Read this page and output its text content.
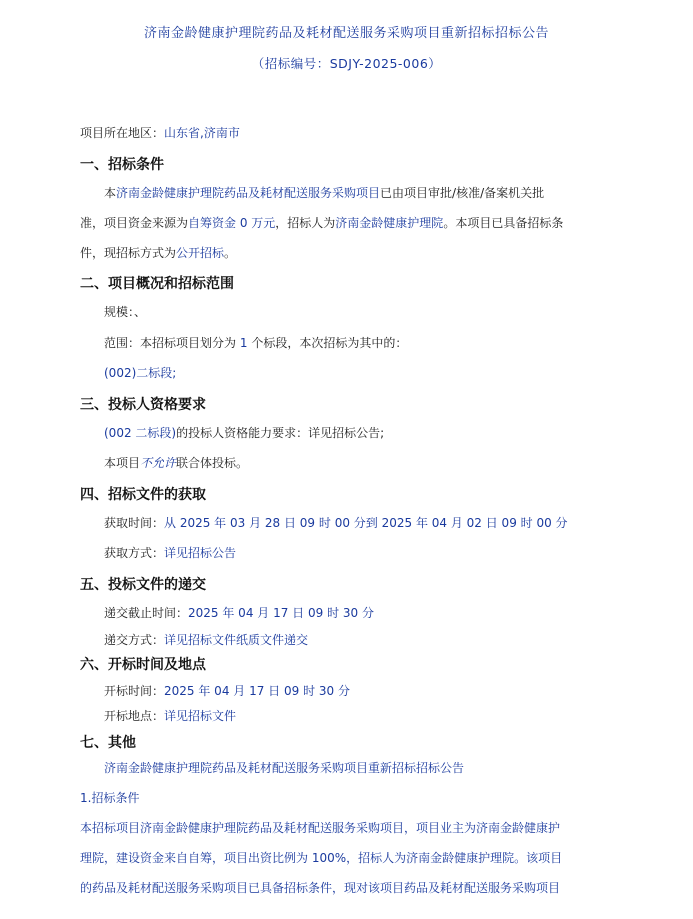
济南金龄健康护理院药品及耗材配送服务采购项目重新招标招标公告
（招标编号：SDJY-2025-006）
项目所在地区：山东省,济南市
一、招标条件
本济南金龄健康护理院药品及耗材配送服务采购项目已由项目审批/核准/备案机关批
准，项目资金来源为自筹资金 0 万元，招标人为济南金龄健康护理院。本项目已具备招标条
件，现招标方式为公开招标。
二、项目概况和招标范围
规模：、
范围：本招标项目划分为 1 个标段，本次招标为其中的：
(002)二标段;
三、投标人资格要求
(002 二标段)的投标人资格能力要求：详见招标公告;
本项目不允许联合体投标。
四、招标文件的获取
获取时间：从 2025 年 03 月 28 日 09 时 00 分到 2025 年 04 月 02 日 09 时 00 分
获取方式：详见招标公告
五、投标文件的递交
递交截止时间：2025 年 04 月 17 日 09 时 30 分
递交方式：详见招标文件纸质文件递交
六、开标时间及地点
开标时间：2025 年 04 月 17 日 09 时 30 分
开标地点：详见招标文件
七、其他
济南金龄健康护理院药品及耗材配送服务采购项目重新招标招标公告
1.招标条件
本招标项目济南金龄健康护理院药品及耗材配送服务采购项目，项目业主为济南金龄健康护
理院，建设资金来自自筹，项目出资比例为 100%，招标人为济南金龄健康护理院。该项目
的药品及耗材配送服务采购项目已具备招标条件，现对该项目药品及耗材配送服务采购项目
